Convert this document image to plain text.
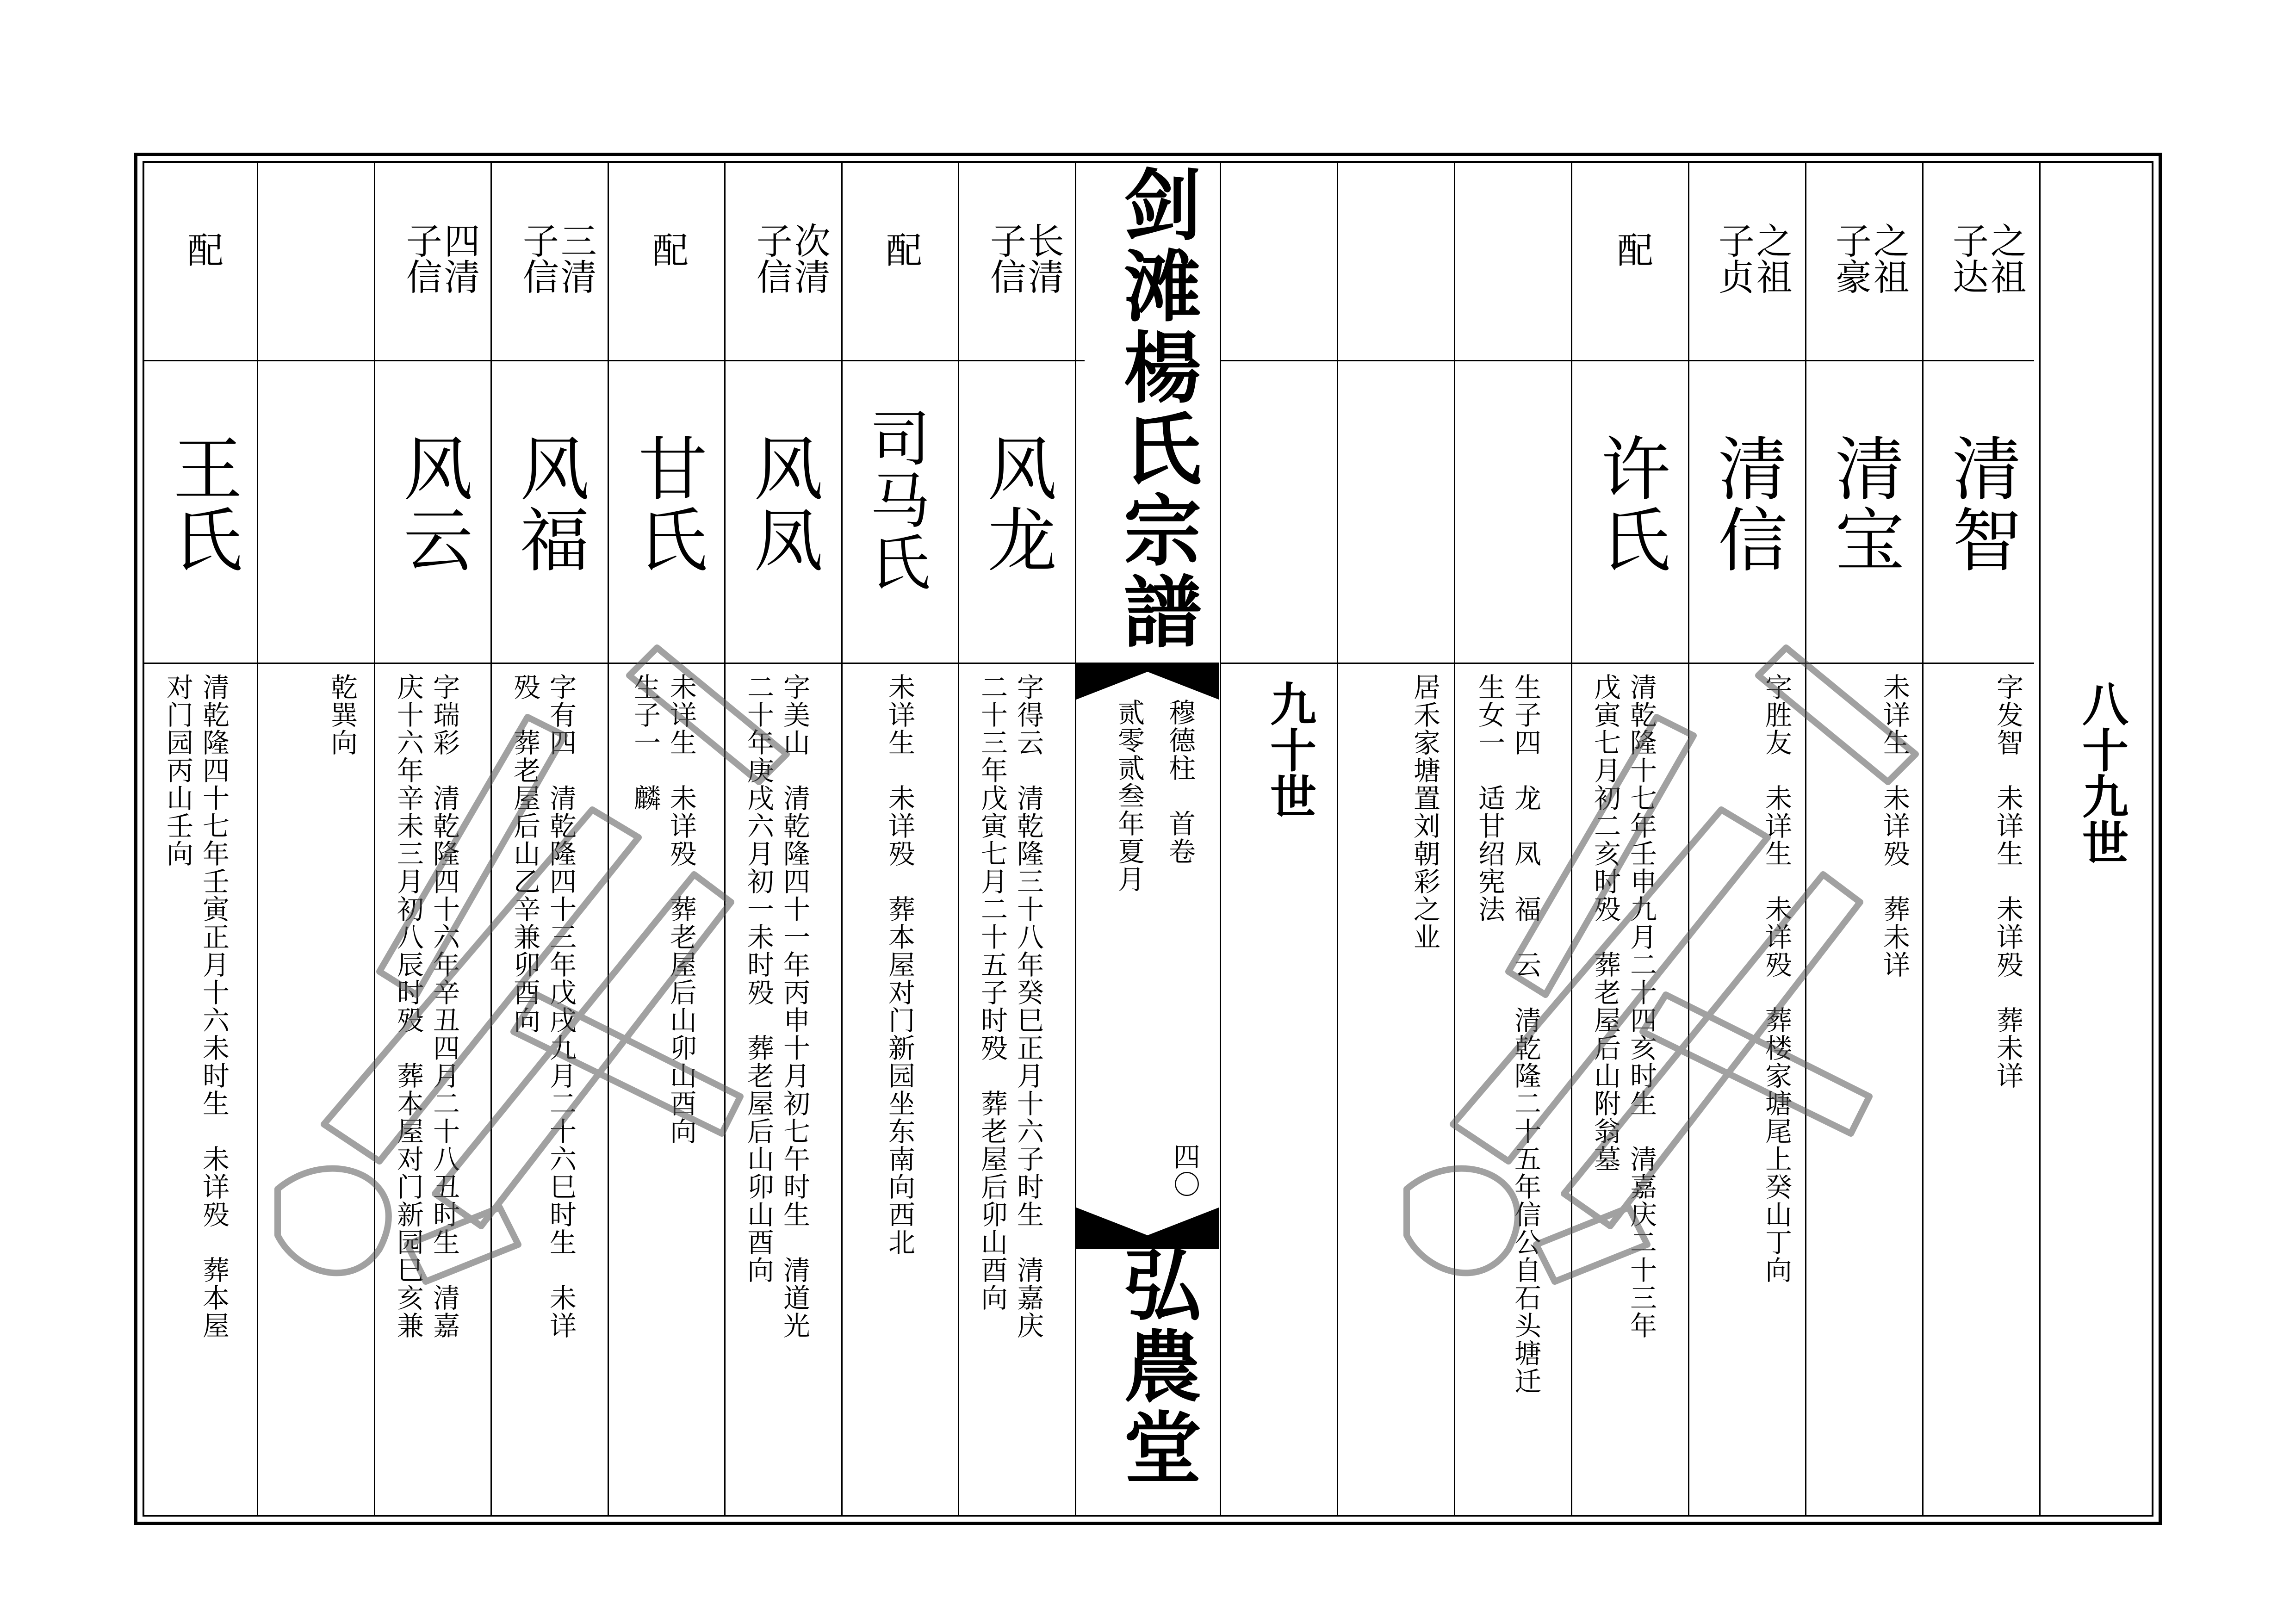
剑滩楊氏宗譜
穆德柱　首卷
贰零贰叁年夏月
四〇
弘農堂
九十世
长清
子信
风龙
字得云　清乾隆三十八年癸巳正月十六子时生　清嘉庆
二十三年戊寅七月二十五子时殁　葬老屋后卯山酉向
配
司马氏
未详生　未详殁　葬本屋对门新园坐东南向西北
次清
子信
风凤
字美山　清乾隆四十一年丙申十月初七午时生　清道光
二十年庚戌六月初一未时殁　葬老屋后山卯山酉向
配
甘氏
未详生　未详殁　葬老屋后山卯山酉向
生子一　麟
三清
子信
风福
字有四　清乾隆四十三年戊戌九月二十六巳时生　未详
殁　葬老屋后山乙辛兼卯酉向
四清
子信
风云
字瑞彩　清乾隆四十六年辛丑四月二十八丑时生　清嘉
庆十六年辛未三月初八辰时殁　葬本屋对门新园巳亥兼
乾巽向
配
王氏
清乾隆四十七年壬寅正月十六未时生　未详殁　葬本屋
对门园丙山壬向	八十九世
之祖
子达
清智
字发智　未详生　未详殁　葬未详
之祖
子豪
清宝
未详生　未详殁　葬未详
之祖
子贞
清信
字胜友　未详生　未详殁　葬楼家塘尾上癸山丁向
配
许氏
清乾隆十七年壬申九月二十四亥时生　清嘉庆二十三年
戊寅七月初二亥时殁　葬老屋后山附翁墓
生子四　龙　凤　福　云　清乾隆二十五年信公自石头塘迁
生女一　适甘绍宪法
居禾家塘置刘朝彩之业
